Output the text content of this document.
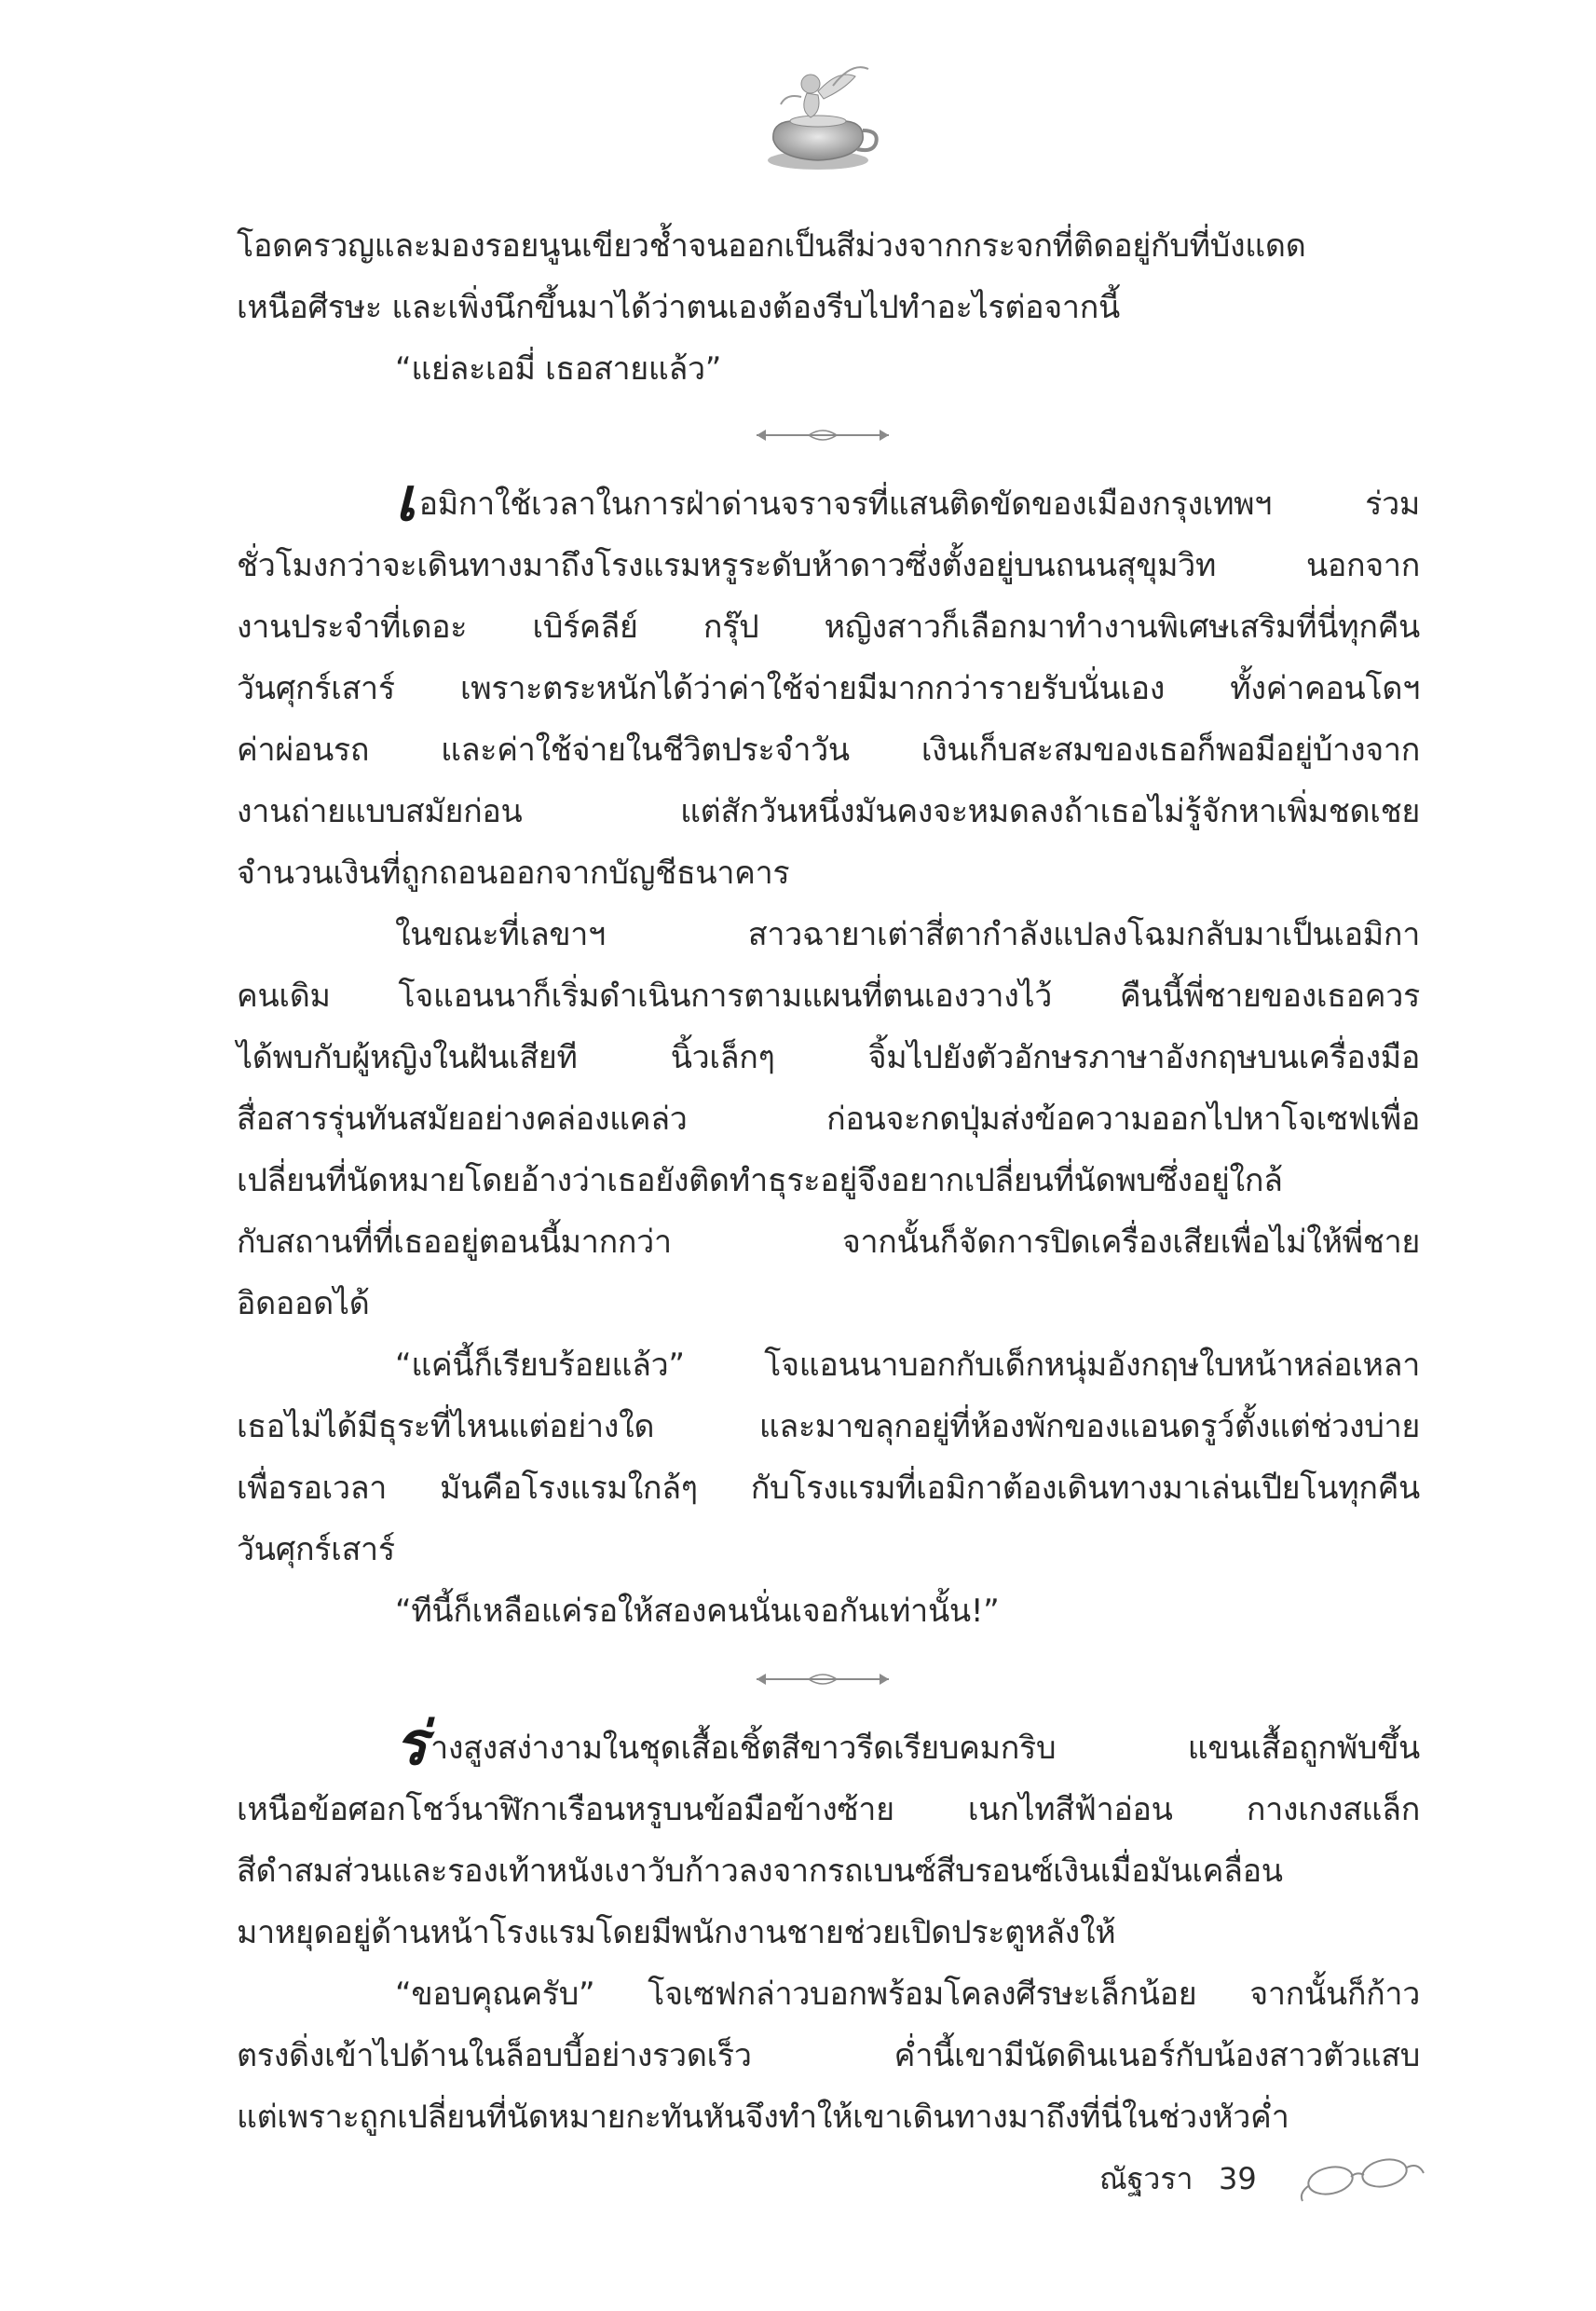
โอดครวญและมองรอยนูนเขียวช้ำจนออกเป็นสีม่วงจากกระจกที่ติดอยู่กับที่บังแดด
เหนือศีรษะ และเพิ่งนึกขึ้นมาได้ว่าตนเองต้องรีบไปทำอะไรต่อจากนี้
“แย่ละเอมี่ เธอสายแล้ว”
เอมิกาใช้เวลาในการฝ่าด่านจราจรที่แสนติดขัดของเมืองกรุงเทพฯ ร่วม
ชั่วโมงกว่าจะเดินทางมาถึงโรงแรมหรูระดับห้าดาวซึ่งตั้งอยู่บนถนนสุขุมวิท นอกจาก
งานประจำที่เดอะ เบิร์คลีย์ กรุ๊ป หญิงสาวก็เลือกมาทำงานพิเศษเสริมที่นี่ทุกคืน
วันศุกร์เสาร์ เพราะตระหนักได้ว่าค่าใช้จ่ายมีมากกว่ารายรับนั่นเอง ทั้งค่าคอนโดฯ
ค่าผ่อนรถ และค่าใช้จ่ายในชีวิตประจำวัน เงินเก็บสะสมของเธอก็พอมีอยู่บ้างจาก
งานถ่ายแบบสมัยก่อน แต่สักวันหนึ่งมันคงจะหมดลงถ้าเธอไม่รู้จักหาเพิ่มชดเชย
จำนวนเงินที่ถูกถอนออกจากบัญชีธนาคาร
ในขณะที่เลขาฯ สาวฉายาเต่าสี่ตากำลังแปลงโฉมกลับมาเป็นเอมิกา
คนเดิม โจแอนนาก็เริ่มดำเนินการตามแผนที่ตนเองวางไว้ คืนนี้พี่ชายของเธอควร
ได้พบกับผู้หญิงในฝันเสียที นิ้วเล็กๆ จิ้มไปยังตัวอักษรภาษาอังกฤษบนเครื่องมือ
สื่อสารรุ่นทันสมัยอย่างคล่องแคล่ว ก่อนจะกดปุ่มส่งข้อความออกไปหาโจเซฟเพื่อ
เปลี่ยนที่นัดหมายโดยอ้างว่าเธอยังติดทำธุระอยู่จึงอยากเปลี่ยนที่นัดพบซึ่งอยู่ใกล้
กับสถานที่ที่เธออยู่ตอนนี้มากกว่า จากนั้นก็จัดการปิดเครื่องเสียเพื่อไม่ให้พี่ชาย
อิดออดได้
“แค่นี้ก็เรียบร้อยแล้ว” โจแอนนาบอกกับเด็กหนุ่มอังกฤษใบหน้าหล่อเหลา
เธอไม่ได้มีธุระที่ไหนแต่อย่างใด และมาขลุกอยู่ที่ห้องพักของแอนดรูว์ตั้งแต่ช่วงบ่าย
เพื่อรอเวลา มันคือโรงแรมใกล้ๆ กับโรงแรมที่เอมิกาต้องเดินทางมาเล่นเปียโนทุกคืน
วันศุกร์เสาร์
“ทีนี้ก็เหลือแค่รอให้สองคนนั่นเจอกันเท่านั้น!”
ร่างสูงสง่างามในชุดเสื้อเชิ้ตสีขาวรีดเรียบคมกริบ แขนเสื้อถูกพับขึ้น
เหนือข้อศอกโชว์นาฬิกาเรือนหรูบนข้อมือข้างซ้าย เนกไทสีฟ้าอ่อน กางเกงสแล็ก
สีดำสมส่วนและรองเท้าหนังเงาวับก้าวลงจากรถเบนซ์สีบรอนซ์เงินเมื่อมันเคลื่อน
มาหยุดอยู่ด้านหน้าโรงแรมโดยมีพนักงานชายช่วยเปิดประตูหลังให้
“ขอบคุณครับ” โจเซฟกล่าวบอกพร้อมโคลงศีรษะเล็กน้อย จากนั้นก็ก้าว
ตรงดิ่งเข้าไปด้านในล็อบบี้อย่างรวดเร็ว ค่ำนี้เขามีนัดดินเนอร์กับน้องสาวตัวแสบ
แต่เพราะถูกเปลี่ยนที่นัดหมายกะทันหันจึงทำให้เขาเดินทางมาถึงที่นี่ในช่วงหัวค่ำ
ณัฐวรา 39
